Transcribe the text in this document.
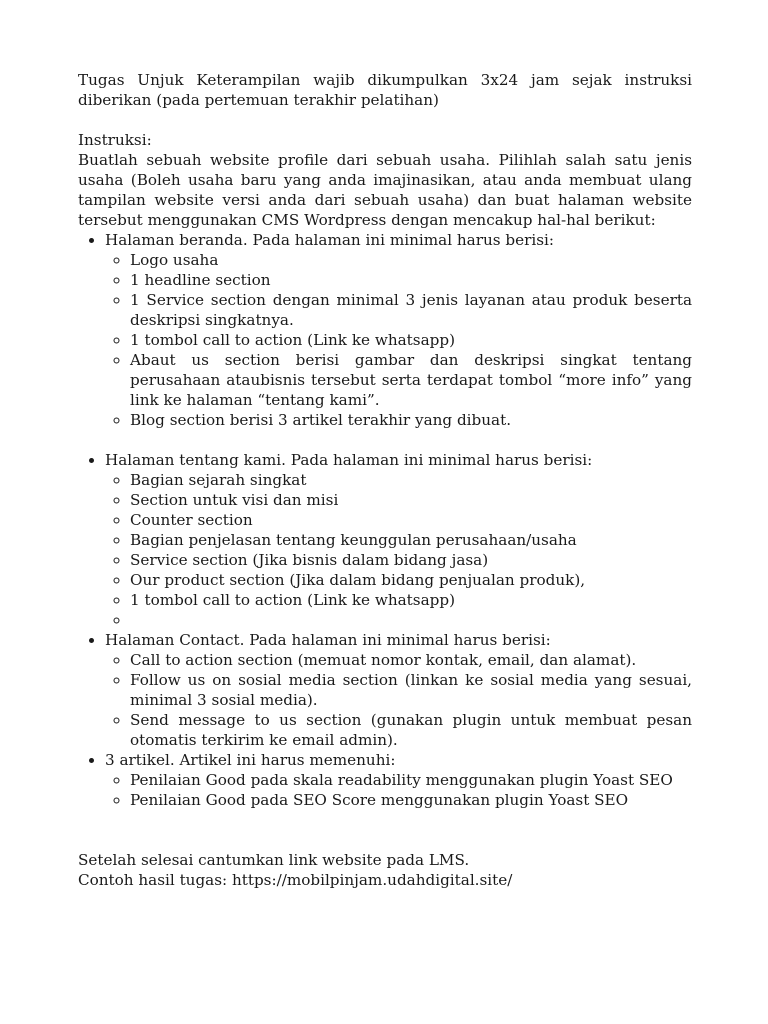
Tugas Unjuk Keterampilan wajib dikumpulkan 3x24 jam sejak instruksi diberikan (pada pertemuan terakhir pelatihan)

Instruksi:

Buatlah sebuah website profile dari sebuah usaha. Pilihlah salah satu jenis usaha (Boleh usaha baru yang anda imajinasikan, atau anda membuat ulang tampilan website versi anda dari sebuah usaha) dan buat halaman website tersebut menggunakan CMS Wordpress dengan mencakup hal-hal berikut:

• Halaman beranda. Pada halaman ini minimal harus berisi:
◦ Logo usaha
◦ 1 headline section
◦ 1 Service section dengan minimal 3 jenis layanan atau produk beserta deskripsi singkatnya.
◦ 1 tombol call to action (Link ke whatsapp)
◦ Abaut us section berisi gambar dan deskripsi singkat tentang perusahaan ataubisnis tersebut serta terdapat tombol “more info” yang link ke halaman “tentang kami”.
◦ Blog section berisi 3 artikel terakhir yang dibuat.
• Halaman tentang kami. Pada halaman ini minimal harus berisi:
◦ Bagian sejarah singkat
◦ Section untuk visi dan misi
◦ Counter section
◦ Bagian penjelasan tentang keunggulan perusahaan/usaha
◦ Service section (Jika bisnis dalam bidang jasa)
◦ Our product section (Jika dalam bidang penjualan produk),
◦ 1 tombol call to action (Link ke whatsapp)
◦
• Halaman Contact. Pada halaman ini minimal harus berisi:
◦ Call to action section (memuat nomor kontak, email, dan alamat).
◦ Follow us on sosial media section (linkan ke sosial media yang sesuai, minimal 3 sosial media).
◦ Send message to us section (gunakan plugin untuk membuat pesan otomatis terkirim ke email admin).
• 3 artikel. Artikel ini harus memenuhi:
◦ Penilaian Good pada skala readability menggunakan plugin Yoast SEO
◦ Penilaian Good pada SEO Score menggunakan plugin Yoast SEO

Setelah selesai cantumkan link website pada LMS.

Contoh hasil tugas: https://mobilpinjam.udahdigital.site/
